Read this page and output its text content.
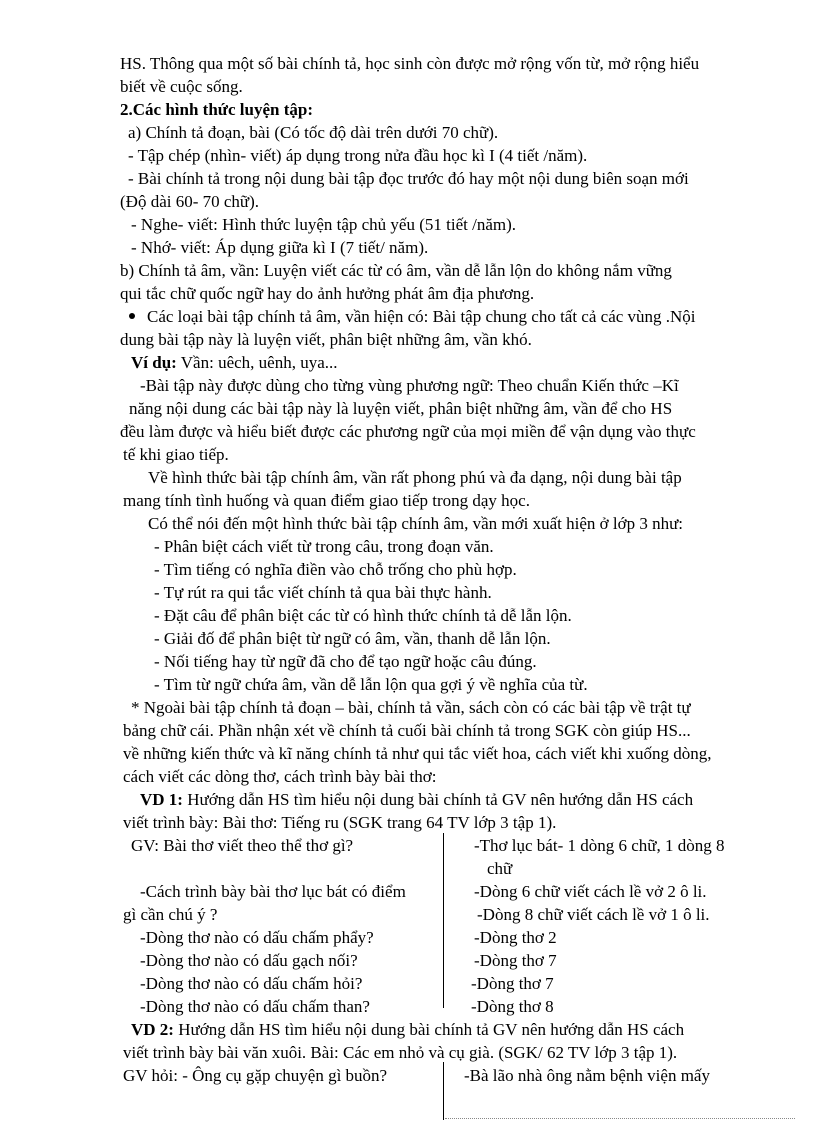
HS. Thông qua một số bài chính tả, học sinh còn được mở rộng vốn từ, mở rộng hiểu
biết về cuộc sống.
2.Các hình thức luyện tập:
a) Chính tả đoạn, bài (Có tốc độ dài trên dưới 70 chữ).
- Tập chép (nhìn- viết) áp dụng trong nửa đầu học kì I (4 tiết /năm).
- Bài chính tả trong nội dung bài tập đọc trước đó hay một nội dung biên soạn mới
(Độ dài 60- 70 chữ).
- Nghe- viết: Hình thức luyện tập chủ yếu (51 tiết /năm).
- Nhớ- viết: Áp dụng giữa kì I (7 tiết/ năm).
b) Chính tả âm, vần: Luyện viết các từ có âm, vần dễ lẫn lộn do không nắm vững
qui tắc chữ quốc ngữ hay do ảnh hưởng phát âm địa phương.
Các loại bài tập chính tả âm, vần hiện có: Bài tập chung cho tất cả các vùng .Nội
dung bài tập này là luyện viết, phân biệt những âm, vần khó.
Ví dụ: Vần: uêch, uênh, uya...
-Bài tập này được dùng cho từng vùng phương ngữ: Theo chuẩn Kiến thức –Kĩ
năng nội dung các bài tập này là luyện viết, phân biệt những âm, vần để cho HS
đều làm được và hiểu biết được các phương ngữ của mọi miền để vận dụng vào thực
tế khi giao tiếp.
Về hình thức bài tập chính âm, vần rất phong phú và đa dạng, nội dung bài tập
mang tính tình huống và quan điểm giao tiếp trong dạy học.
Có thể nói đến một hình thức bài tập chính âm, vần mới xuất hiện ở lớp 3 như:
- Phân biệt cách viết từ trong câu, trong đoạn văn.
- Tìm tiếng có nghĩa điền vào chỗ trống cho phù hợp.
- Tự rút ra qui tắc viết chính tả qua bài thực hành.
- Đặt câu để phân biệt các từ có hình thức chính tả dễ lẫn lộn.
- Giải đố để phân biệt từ ngữ có âm, vần, thanh dễ lẫn lộn.
- Nối tiếng hay từ ngữ đã cho để tạo ngữ hoặc câu đúng.
- Tìm từ ngữ chứa âm, vần dễ lẫn lộn qua gợi ý về nghĩa của từ.
* Ngoài bài tập chính tả đoạn – bài, chính tả vần, sách còn có các bài tập về trật tự
bảng chữ cái. Phần nhận xét về chính tả cuối bài chính tả trong SGK còn giúp HS...
về những kiến thức và kĩ năng chính tả như qui tắc viết hoa, cách viết khi xuống dòng,
cách viết các dòng thơ, cách trình bày bài thơ:
VD 1: Hướng dẫn HS tìm hiểu nội dung bài chính tả GV nên hướng dẫn HS cách
viết trình bày: Bài thơ: Tiếng ru (SGK trang 64 TV lớp 3 tập 1).
GV: Bài thơ viết theo thể thơ gì?	-Thơ lục bát- 1 dòng 6 chữ, 1 dòng 8
chữ
-Cách trình bày bài thơ lục bát có điểm
gì cần chú ý ?
-Dòng 6 chữ viết cách lề vở 2 ô li.
-Dòng 8 chữ viết cách lề vở 1 ô li.
-Dòng thơ nào có dấu chấm phẩy?	-Dòng thơ 2
-Dòng thơ nào có dấu gạch nối?	-Dòng thơ 7
-Dòng thơ nào có dấu chấm hỏi?	-Dòng thơ 7
-Dòng thơ nào có dấu chấm than?	-Dòng thơ 8
VD 2: Hướng dẫn HS tìm hiểu nội dung bài chính tả GV nên hướng dẫn HS cách
viết trình bày bài văn xuôi. Bài: Các em nhỏ và cụ già. (SGK/ 62 TV lớp 3 tập 1).
GV hỏi: - Ông cụ gặp chuyện gì buồn?	-Bà lão nhà ông nằm bệnh viện mấy
